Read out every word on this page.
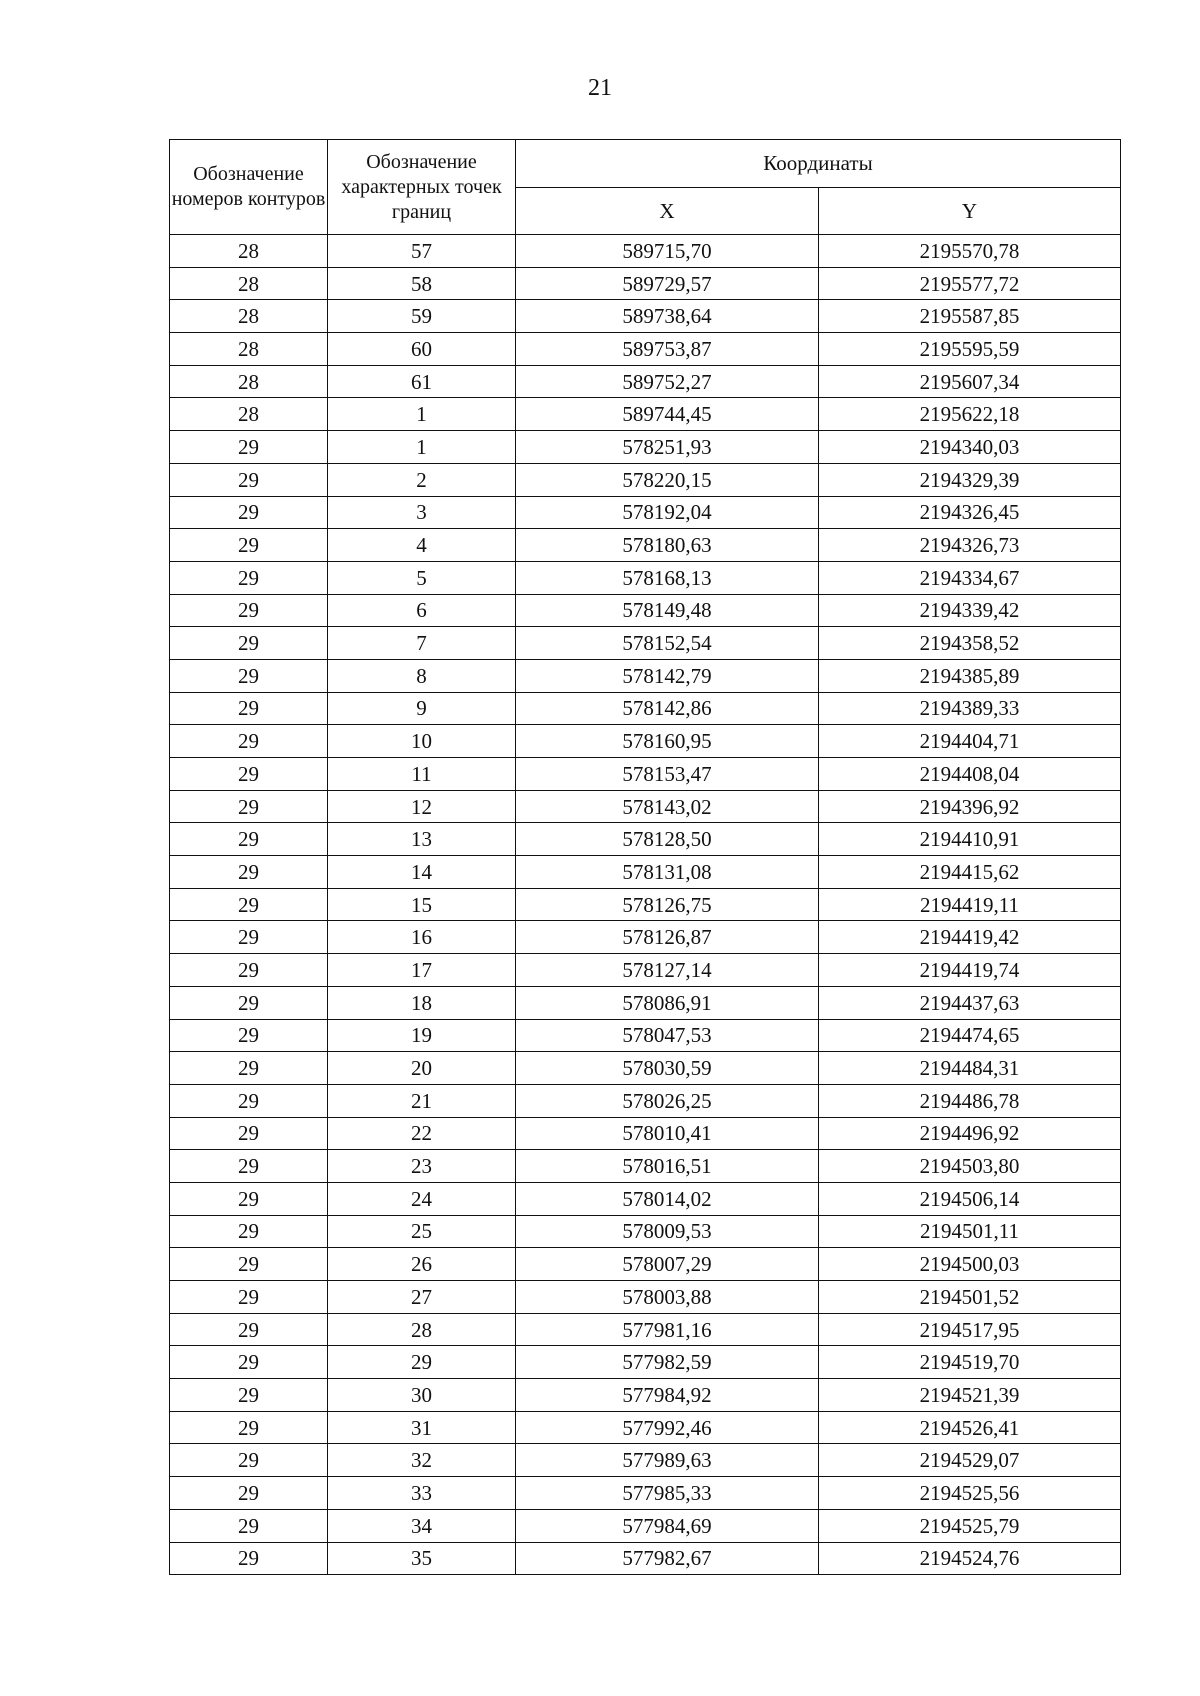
21
Обозначение номеров контуров	Обозначение характерных точек границ	Координаты	
		X	Y
28	57	589715,70	2195570,78
28	58	589729,57	2195577,72
28	59	589738,64	2195587,85
28	60	589753,87	2195595,59
28	61	589752,27	2195607,34
28	1	589744,45	2195622,18
29	1	578251,93	2194340,03
29	2	578220,15	2194329,39
29	3	578192,04	2194326,45
29	4	578180,63	2194326,73
29	5	578168,13	2194334,67
29	6	578149,48	2194339,42
29	7	578152,54	2194358,52
29	8	578142,79	2194385,89
29	9	578142,86	2194389,33
29	10	578160,95	2194404,71
29	11	578153,47	2194408,04
29	12	578143,02	2194396,92
29	13	578128,50	2194410,91
29	14	578131,08	2194415,62
29	15	578126,75	2194419,11
29	16	578126,87	2194419,42
29	17	578127,14	2194419,74
29	18	578086,91	2194437,63
29	19	578047,53	2194474,65
29	20	578030,59	2194484,31
29	21	578026,25	2194486,78
29	22	578010,41	2194496,92
29	23	578016,51	2194503,80
29	24	578014,02	2194506,14
29	25	578009,53	2194501,11
29	26	578007,29	2194500,03
29	27	578003,88	2194501,52
29	28	577981,16	2194517,95
29	29	577982,59	2194519,70
29	30	577984,92	2194521,39
29	31	577992,46	2194526,41
29	32	577989,63	2194529,07
29	33	577985,33	2194525,56
29	34	577984,69	2194525,79
29	35	577982,67	2194524,76
